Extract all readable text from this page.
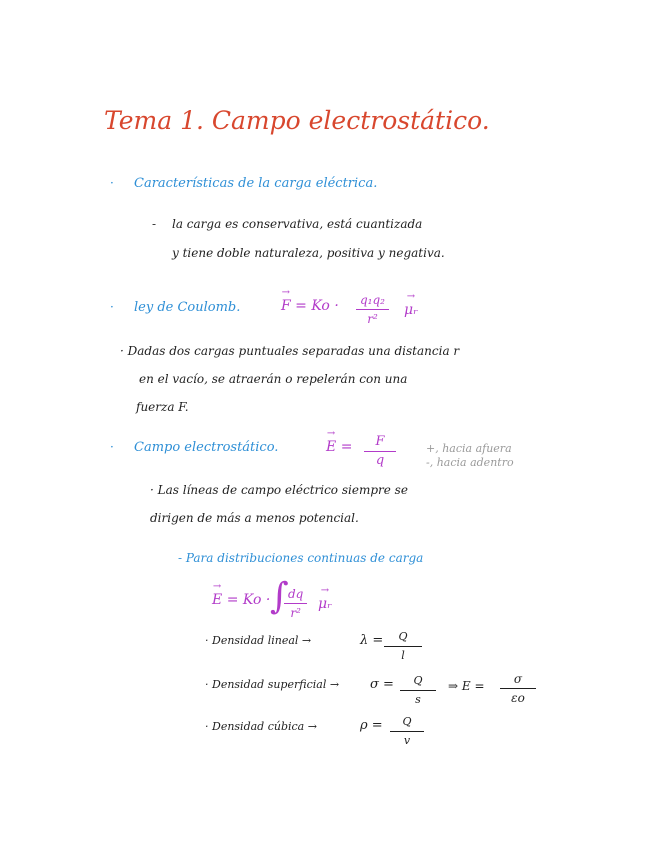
Tema 1. Campo electrostático.
· Características de la carga eléctrica.
- la carga es conservativa, está cuantizada
y tiene doble naturaleza, positiva y negativa.
· ley de Coulomb.	→ $F = Ko \cdot \frac{\text{q₁q₂}}{\text{r²}}$ → μᵣ
· Dadas dos cargas puntuales separadas una distancia r
en el vacío, se atraerán o repelerán con una
fuerza F.
· Campo electrostático.	→ $E = \frac{F}{q}$	+, hacia afuera
-, hacia adentro
· Las líneas de campo eléctrico siempre se
dirigen de más a menos potencial.
- Para distribuciones continuas de carga
→ E = Ko · ∫
$\frac{dq}{\text{r²}}$ → μᵣ
· Densidad lineal →	$\lambda = \frac{Q}{l}$
· Densidad superficial → $\sigma = \frac{Q}{s}$ ⇒ $E = \frac{\sigma}{\varepsilon o}$
· Densidad cúbica →	$\rho = \frac{Q}{v}$
